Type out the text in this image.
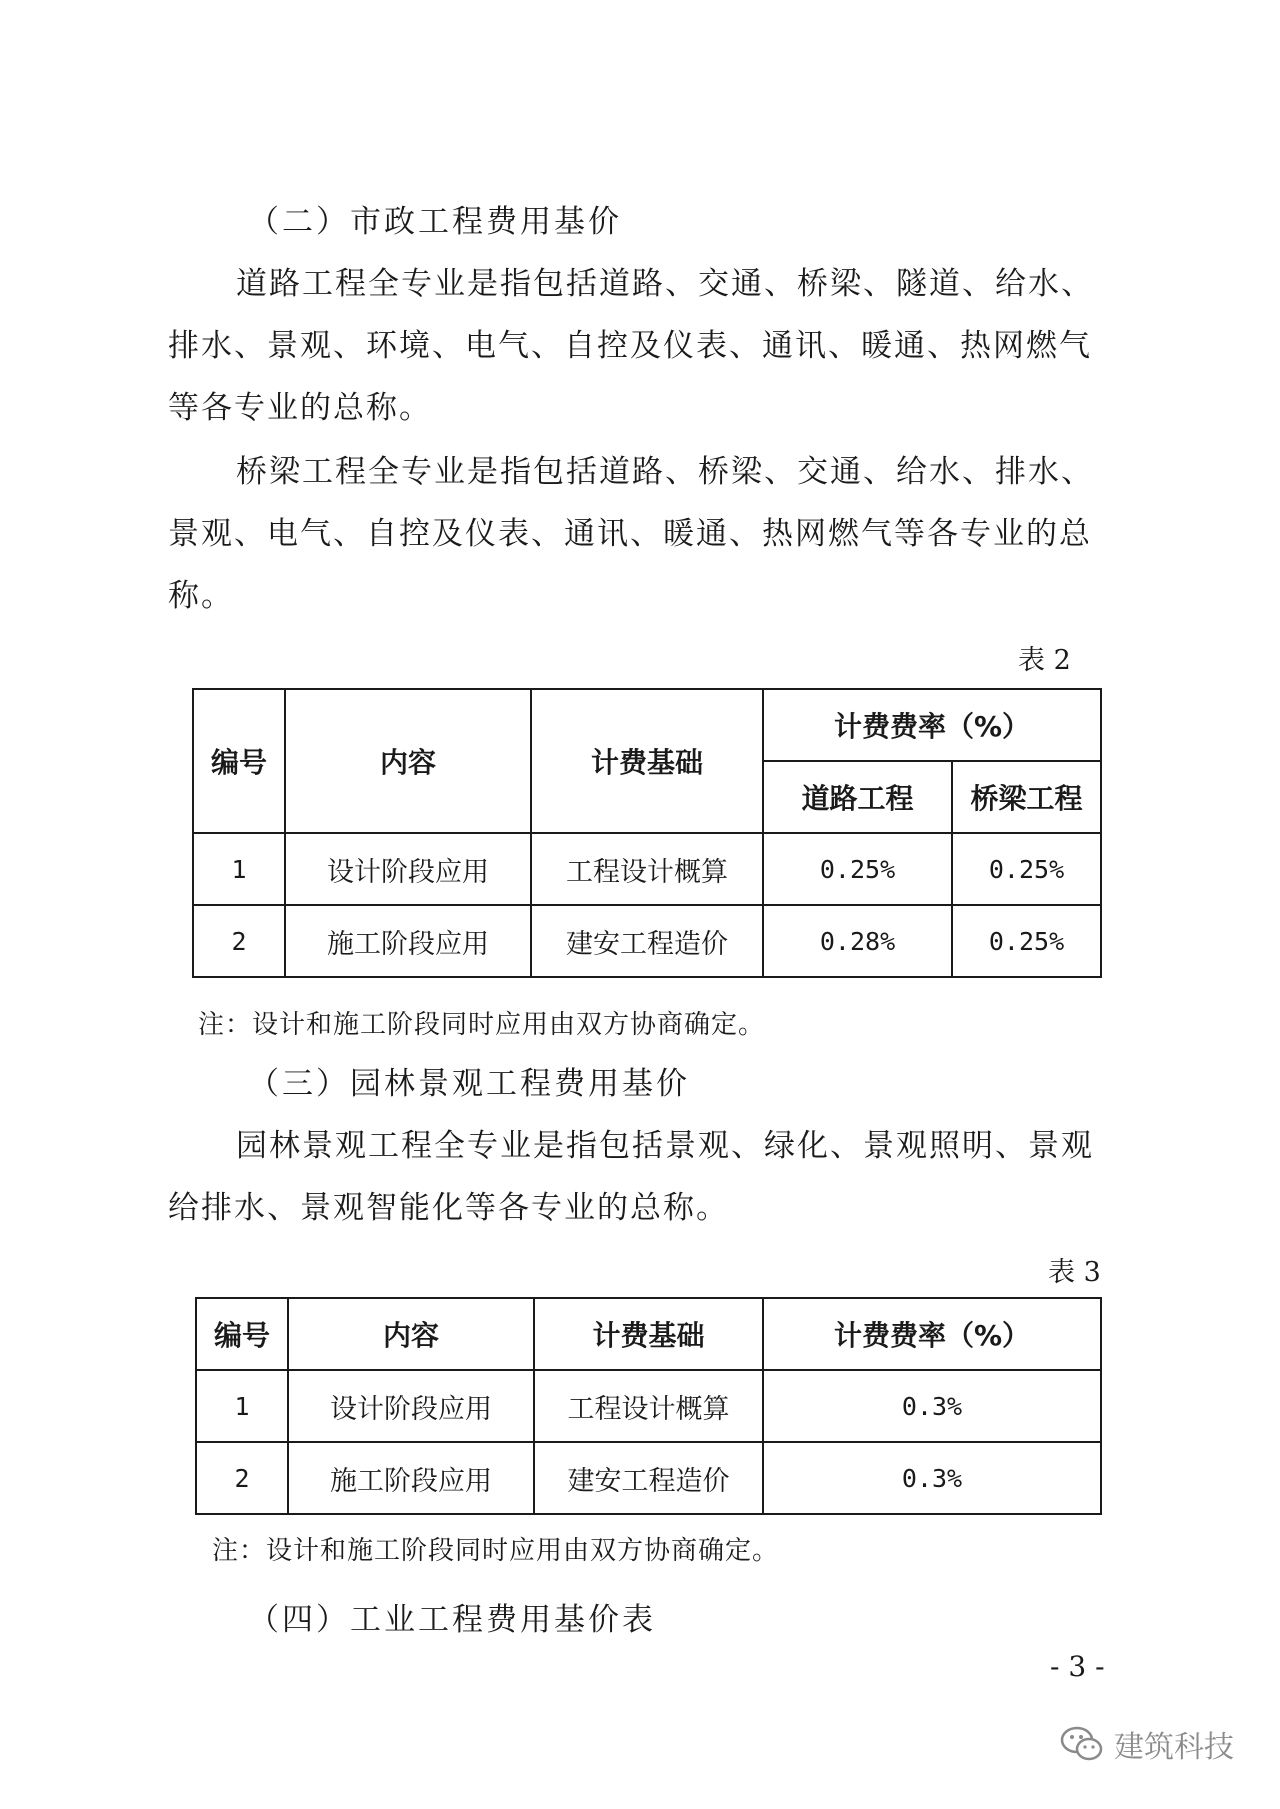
（二）市政工程费用基价
道路工程全专业是指包括道路、交通、桥梁、隧道、给水、
排水、景观、环境、电气、自控及仪表、通讯、暖通、热网燃气
等各专业的总称。
桥梁工程全专业是指包括道路、桥梁、交通、给水、排水、
景观、电气、自控及仪表、通讯、暖通、热网燃气等各专业的总
称。
表 2
编号	内容	计费基础	计费费率（%）	
			道路工程	桥梁工程
1	设计阶段应用	工程设计概算	0.25%	0.25%
2	施工阶段应用	建安工程造价	0.28%	0.25%
注：设计和施工阶段同时应用由双方协商确定。
（三）园林景观工程费用基价
园林景观工程全专业是指包括景观、绿化、景观照明、景观
给排水、景观智能化等各专业的总称。
表 3
编号	内容	计费基础	计费费率（%）
1	设计阶段应用	工程设计概算	0.3%
2	施工阶段应用	建安工程造价	0.3%
注：设计和施工阶段同时应用由双方协商确定。
（四）工业工程费用基价表
- 3 -
建筑科技
